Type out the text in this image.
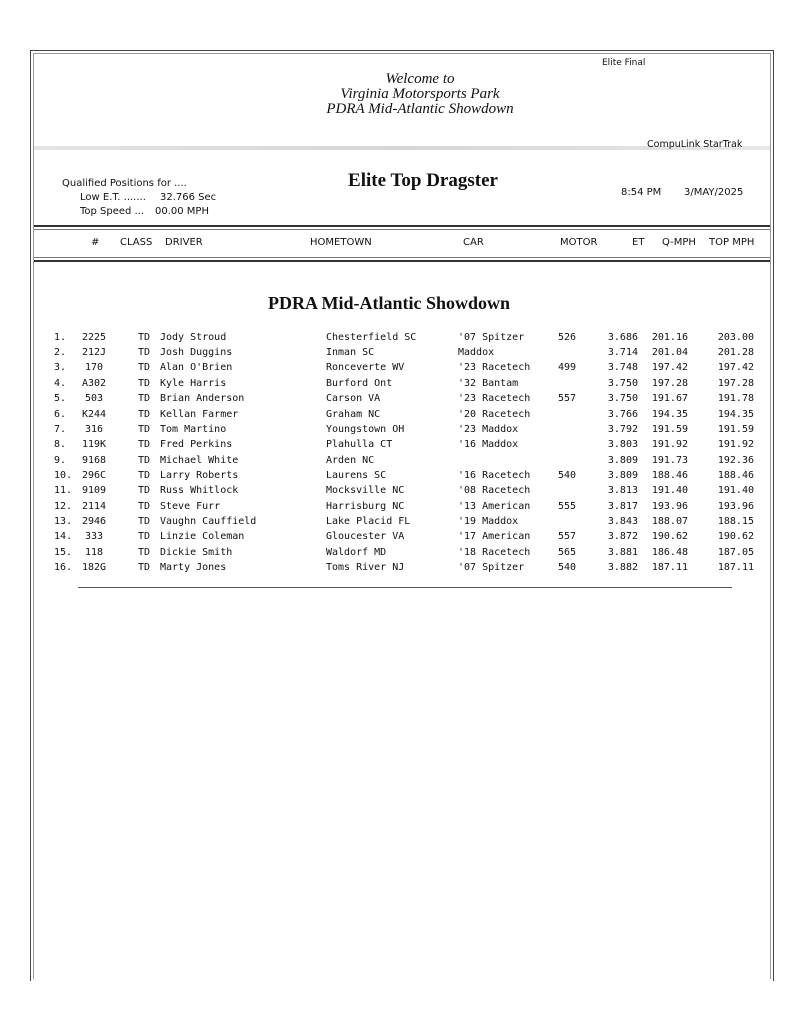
Elite Final
Welcome to
Virginia Motorsports Park
PDRA Mid-Atlantic Showdown
CompuLink StarTrak
Qualified Positions for ....
Low E.T. ....... 32.766 Sec
Top Speed ... 00.00 MPH
Elite Top Dragster
8:54 PM 3/MAY/2025
# CLASS DRIVER	HOMETOWN	CAR	MOTOR	ET Q-MPH TOP MPH
PDRA Mid-Atlantic Showdown
1.	2225	TD Jody Stroud	Chesterfield SC	'07 Spitzer	526	3.686	201.16	203.00
2.	212J	TD Josh Duggins	Inman SC	Maddox	3.714	201.04	201.28
3.	170	TD Alan O'Brien	Ronceverte WV	'23 Racetech	499	3.748	197.42	197.42
4.	A302	TD Kyle Harris	Burford Ont	'32 Bantam	3.750	197.28	197.28
5.	503	TD Brian Anderson	Carson VA	'23 Racetech	557	3.750	191.67	191.78
6.	K244	TD Kellan Farmer	Graham NC	'20 Racetech	3.766	194.35	194.35
7.	316	TD Tom Martino	Youngstown OH	'23 Maddox	3.792	191.59	191.59
8.	119K	TD Fred Perkins	Plahulla CT	'16 Maddox	3.803	191.92	191.92
9.	9168	TD Michael White	Arden NC	3.809	191.73	192.36
10. 296C	TD Larry Roberts	Laurens SC	'16 Racetech	540	3.809	188.46	188.46
11. 9109	TD Russ Whitlock	Mocksville NC	'08 Racetech	3.813	191.40	191.40
12. 2114	TD Steve Furr	Harrisburg NC	'13 American	555	3.817	193.96	193.96
13. 2946	TD Vaughn Cauffield	Lake Placid FL	'19 Maddox	3.843	188.07	188.15
14.	333	TD Linzie Coleman	Gloucester VA	'17 American	557	3.872	190.62	190.62
15.	118	TD Dickie Smith	Waldorf MD	'18 Racetech	565	3.881	186.48	187.05
16. 182G	TD Marty Jones	Toms River NJ	'07 Spitzer	540	3.882	187.11	187.11
